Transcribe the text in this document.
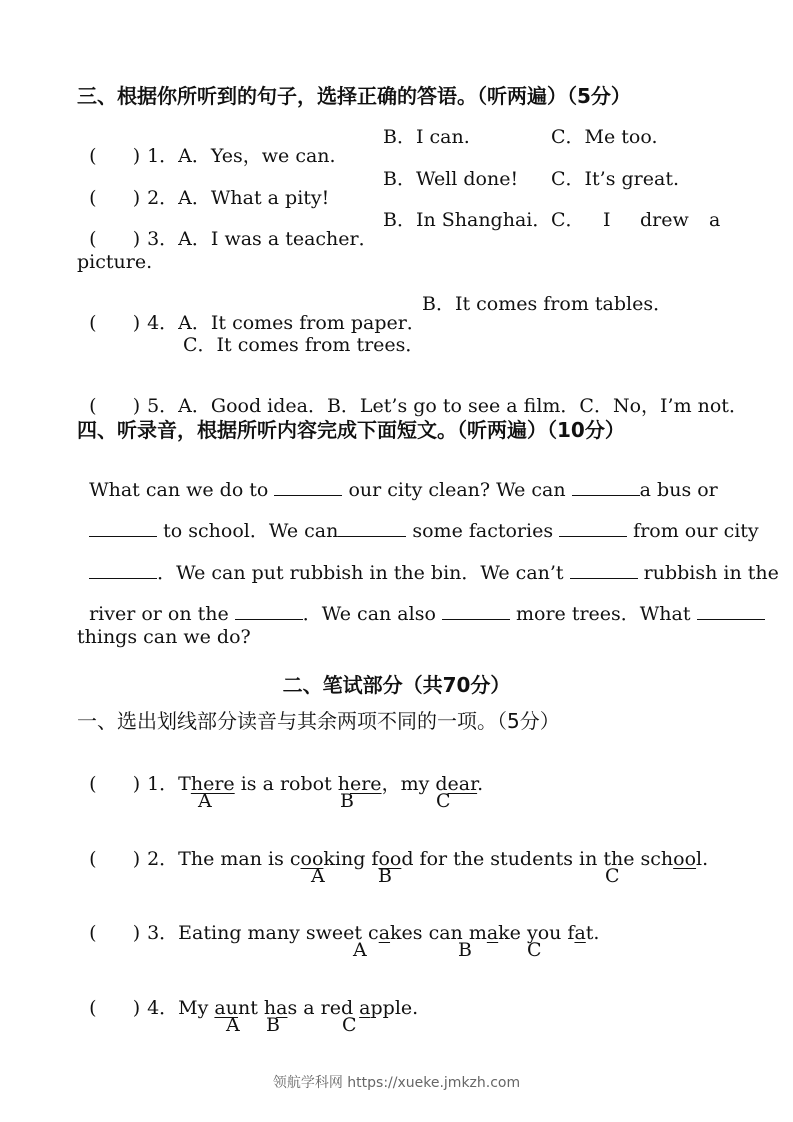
三、根据你所听到的句子，选择正确的答语。（听两遍）（5分）

( ) 1．A．Yes，we can.

B．I can.	C．Me too.

( ) 2．A．What a pity!

B．Well done! C．It’s great.

( ) 3．A．I was a teacher．

B．In Shanghai． C． I drew a
picture.

( ) 4．A．It comes from paper．

B．It comes from tables．
C．It comes from trees．

( ) 5．A．Good idea．B．Let’s go to see a film．C．No，I’m not．

四、听录音，根据所听内容完成下面短文。（听两遍）（10分）

What can we do to	our city clean? We can	a bus or

to school．We can	some factories	from our city

．We can put rubbish in the bin．We can’t	rubbish in the

river or on the	．We can also	more trees．What

things can we do?
二、笔试部分（共70分）
一、选出划线部分读音与其余两项不同的一项。（5分）

( ) 1．There is a robot here，my dear.

A	B	C

( ) 2．The man is cooking food for the students in the school.

A	B	C

( ) 3．Eating many sweet cakes can make you fat.

A	B	C

( ) 4．My aunt has a red apple.

A B	C
领航学科网 https://xueke.jmkzh.com
